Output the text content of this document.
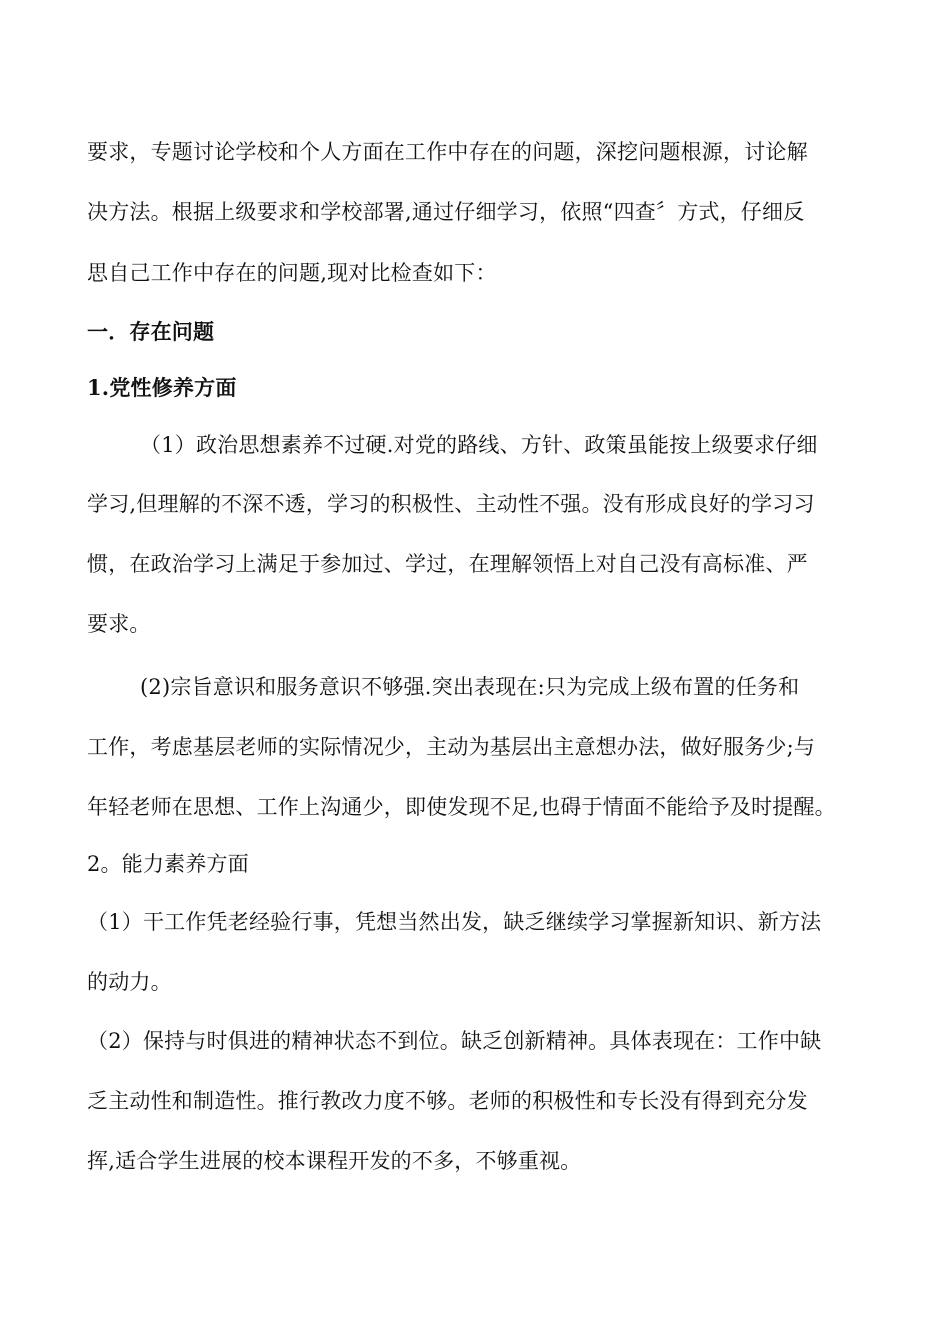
要求，专题讨论学校和个人方面在工作中存在的问题，深挖问题根源，讨论解
决方法。根据上级要求和学校部署,通过仔细学习，依照“四查〞方式，仔细反
思自己工作中存在的问题,现对比检查如下：
一．存在问题
1.党性修养方面
（1）政治思想素养不过硬.对党的路线、方针、政策虽能按上级要求仔细
学习,但理解的不深不透，学习的积极性、主动性不强。没有形成良好的学习习
惯，在政治学习上满足于参加过、学过，在理解领悟上对自己没有高标准、严
要求。
(2)宗旨意识和服务意识不够强.突出表现在:只为完成上级布置的任务和
工作，考虑基层老师的实际情况少，主动为基层出主意想办法，做好服务少;与
年轻老师在思想、工作上沟通少，即使发现不足,也碍于情面不能给予及时提醒。
2。能力素养方面
（1）干工作凭老经验行事，凭想当然出发，缺乏继续学习掌握新知识、新方法
的动力。
（2）保持与时俱进的精神状态不到位。缺乏创新精神。具体表现在：工作中缺
乏主动性和制造性。推行教改力度不够。老师的积极性和专长没有得到充分发
挥,适合学生进展的校本课程开发的不多，不够重视。
